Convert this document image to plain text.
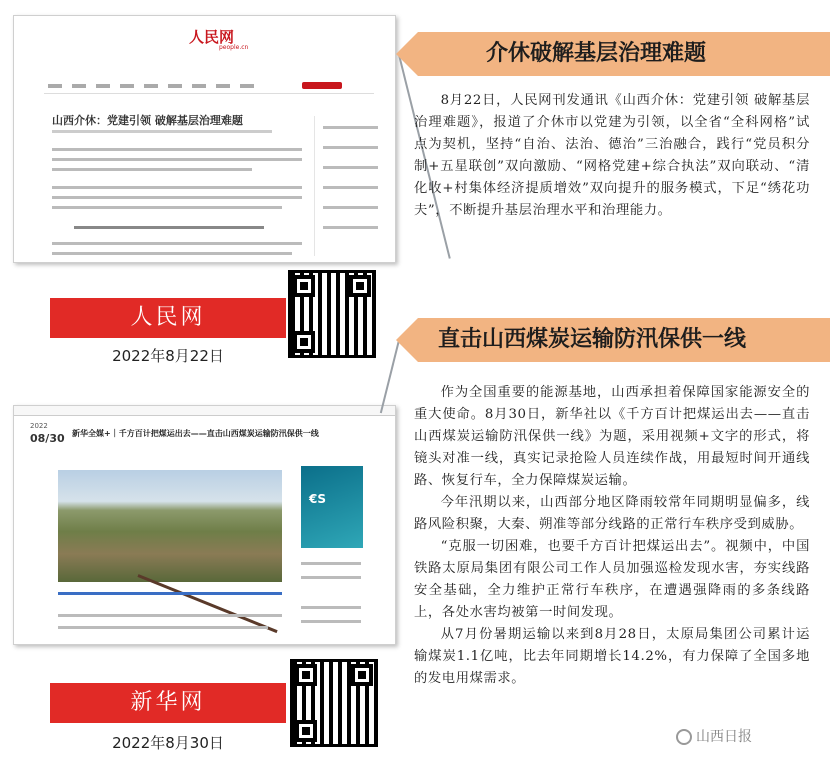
人民网
people.cn
山西介休：党建引领 破解基层治理难题
介休破解基层治理难题

8月22日，人民网刊发通讯《山西介休：党建引领 破解基层治理难题》，报道了介休市以党建为引领，以全省“全科网格”试点为契机，坚持“自治、法治、德治”三治融合，践行“党员积分制+五星联创”双向激励、“网格党建+综合执法”双向联动、“清化收+村集体经济提质增效”双向提升的服务模式，下足“绣花功夫”，不断提升基层治理水平和治理能力。

人民网
2022年8月22日
2022
08/30 新华全媒+｜千方百计把煤运出去——直击山西煤炭运输防汛保供一线
€S
直击山西煤炭运输防汛保供一线

作为全国重要的能源基地，山西承担着保障国家能源安全的重大使命。8月30日，新华社以《千方百计把煤运出去——直击山西煤炭运输防汛保供一线》为题，采用视频+文字的形式，将镜头对准一线，真实记录抢险人员连续作战，用最短时间开通线路、恢复行车，全力保障煤炭运输。

今年汛期以来，山西部分地区降雨较常年同期明显偏多，线路风险积聚，大秦、朔准等部分线路的正常行车秩序受到威胁。

“克服一切困难，也要千方百计把煤运出去”。视频中，中国铁路太原局集团有限公司工作人员加强巡检发现水害，夯实线路安全基础，全力维护正常行车秩序，在遭遇强降雨的多条线路上，各处水害均被第一时间发现。

从7月份暑期运输以来到8月28日，太原局集团公司累计运输煤炭1.1亿吨，比去年同期增长14.2%，有力保障了全国多地的发电用煤需求。

新华网
2022年8月30日	山西日报
